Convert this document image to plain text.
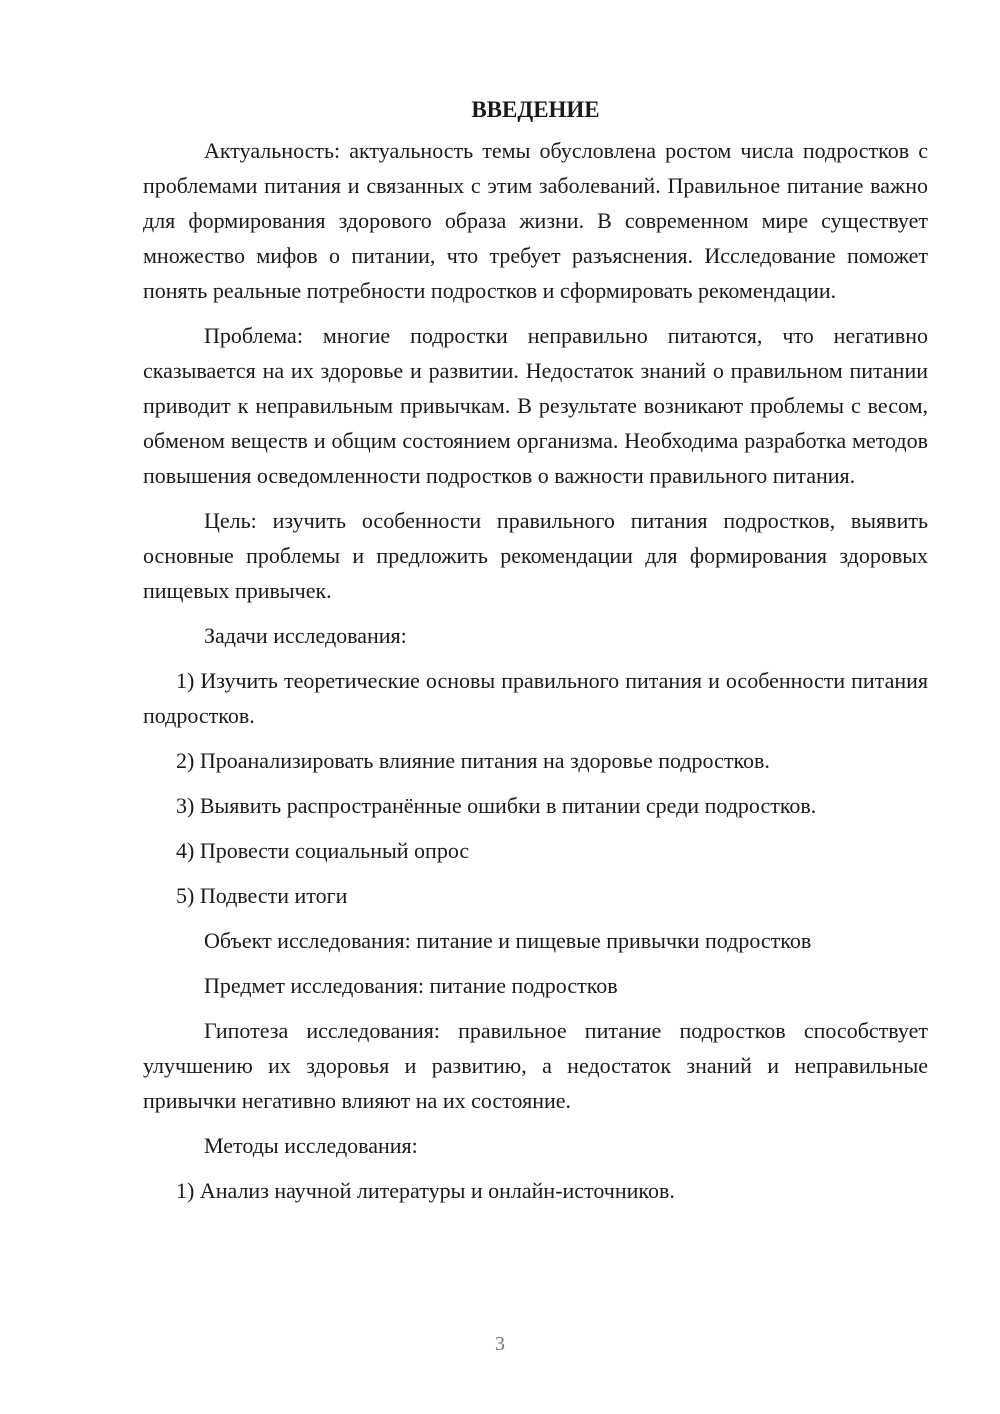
ВВЕДЕНИЕ

Актуальность: актуальность темы обусловлена ростом числа подростков с проблемами питания и связанных с этим заболеваний. Правильное питание важно для формирования здорового образа жизни. В современном мире существует множество мифов о питании, что требует разъяснения. Исследование поможет понять реальные потребности подростков и сформировать рекомендации.

Проблема: многие подростки неправильно питаются, что негативно сказывается на их здоровье и развитии. Недостаток знаний о правильном питании приводит к неправильным привычкам. В результате возникают проблемы с весом, обменом веществ и общим состоянием организма. Необходима разработка методов повышения осведомленности подростков о важности правильного питания.

Цель: изучить особенности правильного питания подростков, выявить основные проблемы и предложить рекомендации для формирования здоровых пищевых привычек.

Задачи исследования:

1) Изучить теоретические основы правильного питания и особенности питания подростков.

2) Проанализировать влияние питания на здоровье подростков.

3) Выявить распространённые ошибки в питании среди подростков.

4) Провести социальный опрос

5) Подвести итоги

Объект исследования: питание и пищевые привычки подростков

Предмет исследования: питание подростков

Гипотеза исследования: правильное питание подростков способствует улучшению их здоровья и развитию, а недостаток знаний и неправильные привычки негативно влияют на их состояние.

Методы исследования:

1) Анализ научной литературы и онлайн-источников.

3
